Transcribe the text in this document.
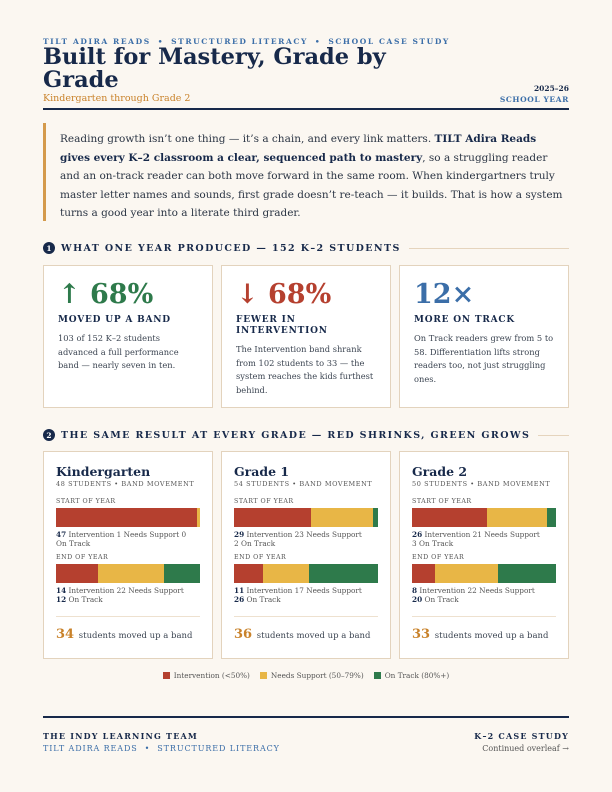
TILT ADIRA READS • STRUCTURED LITERACY • SCHOOL CASE STUDY
Built for Mastery, Grade by Grade
Kindergarten through Grade 2
2025–26
SCHOOL YEAR
Reading growth isn’t one thing — it’s a chain, and every link matters. TILT Adira Reads gives every K–2 classroom a clear, sequenced path to mastery, so a struggling reader and an on-track reader can both move forward in the same room. When kindergartners truly master letter names and sounds, first grade doesn’t re-teach — it builds. That is how a system turns a good year into a literate third grader.
1 WHAT ONE YEAR PRODUCED — 152 K–2 STUDENTS
↑ 68%
MOVED UP A BAND
103 of 152 K–2 students advanced a full performance band — nearly seven in ten.
↓ 68%
FEWER IN INTERVENTION
The Intervention band shrank from 102 students to 33 — the system reaches the kids furthest behind.
12×
MORE ON TRACK
On Track readers grew from 5 to 58. Differentiation lifts strong readers too, not just struggling ones.
2 THE SAME RESULT AT EVERY GRADE — RED SHRINKS, GREEN GROWS
Kindergarten
48 STUDENTS • BAND MOVEMENT
START OF YEAR
47 Intervention 1 Needs Support 0
On Track
END OF YEAR
14 Intervention 22 Needs Support
12 On Track
34 students moved up a band
Grade 1
54 STUDENTS • BAND MOVEMENT
START OF YEAR
29 Intervention 23 Needs Support
2 On Track
END OF YEAR
11 Intervention 17 Needs Support
26 On Track
36 students moved up a band
Grade 2
50 STUDENTS • BAND MOVEMENT
START OF YEAR
26 Intervention 21 Needs Support
3 On Track
END OF YEAR
8 Intervention 22 Needs Support
20 On Track
33 students moved up a band
Intervention (<50%)	Needs Support (50–79%)	On Track (80%+)
THE INDY LEARNING TEAM
TILT ADIRA READS • STRUCTURED LITERACY
K–2 CASE STUDY
Continued overleaf →
